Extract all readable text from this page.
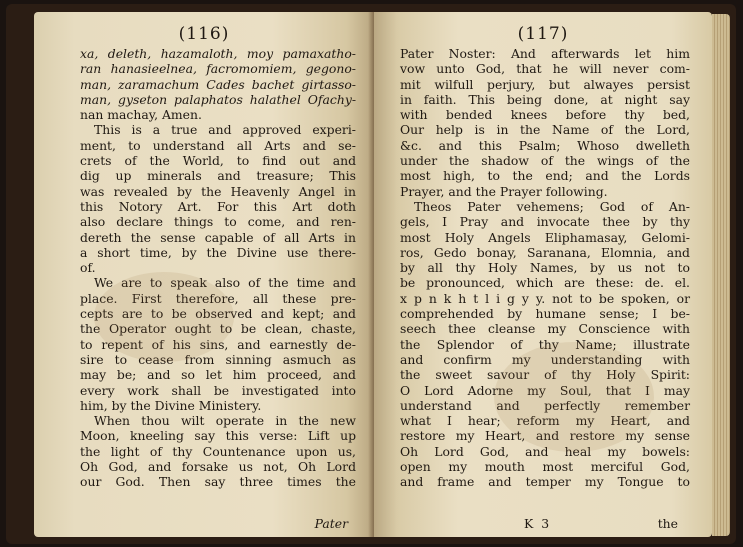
(116)
xa, deleth, hazamaloth, moy pamaxatho-
ran hanasieelnea, facromomiem, gegono-
man, zaramachum Cades bachet girtasso-
man, gyseton palaphatos halathel Ofachy-
nan machay, Amen.
This is a true and approved experi-
ment, to understand all Arts and se-
crets of the World, to find out and
dig up minerals and treasure; This
was revealed by the Heavenly Angel in
this Notory Art. For this Art doth
also declare things to come, and ren-
dereth the sense capable of all Arts in
a short time, by the Divine use there-
of.
We are to speak also of the time and
place. First therefore, all these pre-
cepts are to be observed and kept; and
the Operator ought to be clean, chaste,
to repent of his sins, and earnestly de-
sire to cease from sinning asmuch as
may be; and so let him proceed, and
every work shall be investigated into
him, by the Divine Ministery.
When thou wilt operate in the new
Moon, kneeling say this verse: Lift up
the light of thy Countenance upon us,
Oh God, and forsake us not, Oh Lord
our God. Then say three times the
Pater
(117)
Pater Noster: And afterwards let him
vow unto God, that he will never com-
mit wilfull perjury, but alwayes persist
in faith. This being done, at night say
with bended knees before thy bed,
Our help is in the Name of the Lord,
&c. and this Psalm; Whoso dwelleth
under the shadow of the wings of the
most high, to the end; and the Lords
Prayer, and the Prayer following.
Theos Pater vehemens; God of An-
gels, I Pray and invocate thee by thy
most Holy Angels Eliphamasay, Gelomi-
ros, Gedo bonay, Saranana, Elomnia, and
by all thy Holy Names, by us not to
be pronounced, which are these: de. el.
x p n k h t l i g y y. not to be spoken, or
comprehended by humane sense; I be-
seech thee cleanse my Conscience with
the Splendor of thy Name; illustrate
and confirm my understanding with
the sweet savour of thy Holy Spirit:
O Lord Adorne my Soul, that I may
understand and perfectly remember
what I hear; reform my Heart, and
restore my Heart, and restore my sense
Oh Lord God, and heal my bowels:
open my mouth most merciful God,
and frame and temper my Tongue to
K 3	the
